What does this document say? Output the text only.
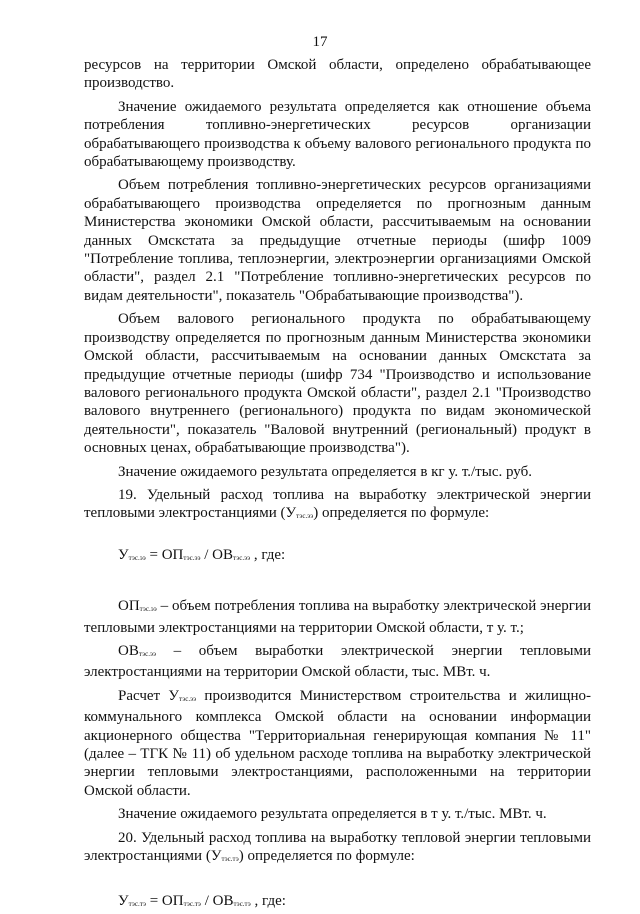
17

ресурсов на территории Омской области, определено обрабатывающее производство.

Значение ожидаемого результата определяется как отношение объема потребления топливно-энергетических ресурсов организации обрабатывающего производства к объему валового регионального продукта по обрабатывающему производству.

Объем потребления топливно-энергетических ресурсов организациями обрабатывающего производства определяется по прогнозным данным Министерства экономики Омской области, рассчитываемым на основании данных Омскстата за предыдущие отчетные периоды (шифр 1009 "Потребление топлива, теплоэнергии, электроэнергии организациями Омской области", раздел 2.1 "Потребление топливно-энергетических ресурсов по видам деятельности", показатель "Обрабатывающие производства").

Объем валового регионального продукта по обрабатывающему производству определяется по прогнозным данным Министерства экономики Омской области, рассчитываемым на основании данных Омскстата за предыдущие отчетные периоды (шифр 734 "Производство и использование валового регионального продукта Омской области", раздел 2.1 "Производство валового внутреннего (регионального) продукта по видам экономической деятельности", показатель "Валовой внутренний (региональный) продукт в основных ценах, обрабатывающие производства").

Значение ожидаемого результата определяется в кг у. т./тыс. руб.

19. Удельный расход топлива на выработку электрической энергии тепловыми электростанциями (Утэс.ээ) определяется по формуле:

Утэс.ээ = ОПтэс.ээ / ОВтэс.ээ , где:

ОПтэс.ээ – объем потребления топлива на выработку электрической энергии тепловыми электростанциями на территории Омской области, т у. т.;

ОВтэс.ээ – объем выработки электрической энергии тепловыми электростанциями на территории Омской области, тыс. МВт. ч.

Расчет Утэс.ээ производится Министерством строительства и жилищно-коммунального комплекса Омской области на основании информации акционерного общества "Территориальная генерирующая компания № 11" (далее – ТГК № 11) об удельном расходе топлива на выработку электрической энергии тепловыми электростанциями, расположенными на территории Омской области.

Значение ожидаемого результата определяется в т у. т./тыс. МВт. ч.

20. Удельный расход топлива на выработку тепловой энергии тепловыми электростанциями (Утэс.тэ) определяется по формуле:

Утэс.тэ = ОПтэс.тэ / ОВтэс.тэ , где:
